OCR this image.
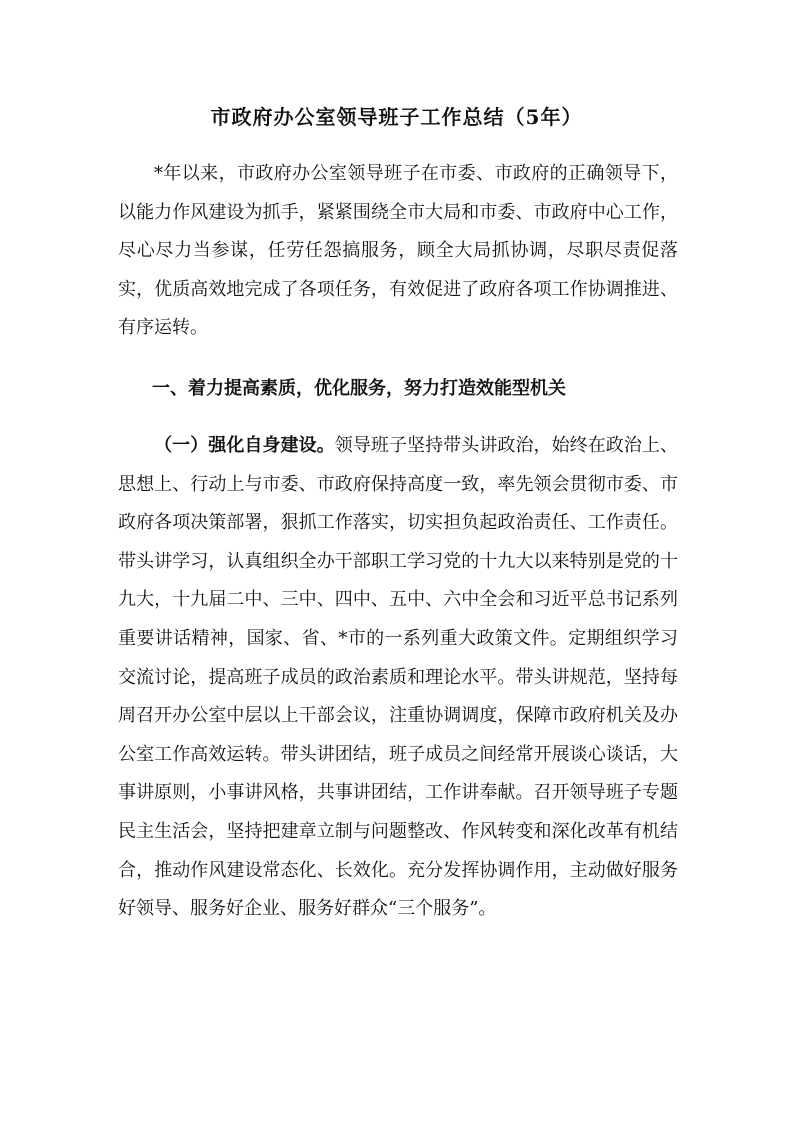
市政府办公室领导班子工作总结（5年）

*年以来，市政府办公室领导班子在市委、市政府的正确领导下，以能力作风建设为抓手，紧紧围绕全市大局和市委、市政府中心工作，尽心尽力当参谋，任劳任怨搞服务，顾全大局抓协调，尽职尽责促落实，优质高效地完成了各项任务，有效促进了政府各项工作协调推进、有序运转。

一、着力提高素质，优化服务，努力打造效能型机关

（一）强化自身建设。领导班子坚持带头讲政治，始终在政治上、思想上、行动上与市委、市政府保持高度一致，率先领会贯彻市委、市政府各项决策部署，狠抓工作落实，切实担负起政治责任、工作责任。带头讲学习，认真组织全办干部职工学习党的十九大以来特别是党的十九大，十九届二中、三中、四中、五中、六中全会和习近平总书记系列重要讲话精神，国家、省、*市的一系列重大政策文件。定期组织学习交流讨论，提高班子成员的政治素质和理论水平。带头讲规范，坚持每周召开办公室中层以上干部会议，注重协调调度，保障市政府机关及办公室工作高效运转。带头讲团结，班子成员之间经常开展谈心谈话，大事讲原则，小事讲风格，共事讲团结，工作讲奉献。召开领导班子专题民主生活会，坚持把建章立制与问题整改、作风转变和深化改革有机结合，推动作风建设常态化、长效化。充分发挥协调作用，主动做好服务好领导、服务好企业、服务好群众“三个服务”。
